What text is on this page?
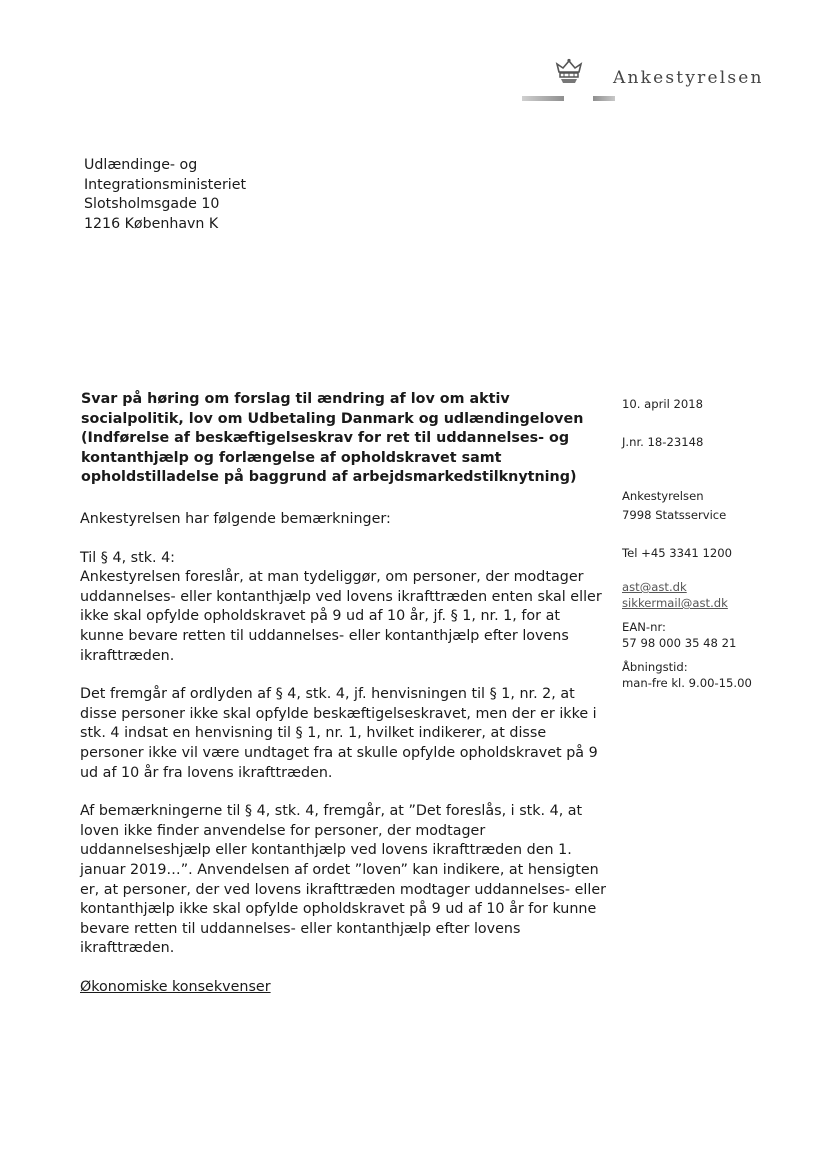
Ankestyrelsen
Udlændinge- og
Integrationsministeriet
Slotsholmsgade 10
1216 København K
Svar på høring om forslag til ændring af lov om aktiv
socialpolitik, lov om Udbetaling Danmark og udlændingeloven
(Indførelse af beskæftigelseskrav for ret til uddannelses- og
kontanthjælp og forlængelse af opholdskravet samt
opholdstilladelse på baggrund af arbejdsmarkedstilknytning)

Ankestyrelsen har følgende bemærkninger:

Til § 4, stk. 4:

Ankestyrelsen foreslår, at man tydeliggør, om personer, der modtager
uddannelses- eller kontanthjælp ved lovens ikrafttræden enten skal eller
ikke skal opfylde opholdskravet på 9 ud af 10 år, jf. § 1, nr. 1, for at
kunne bevare retten til uddannelses- eller kontanthjælp efter lovens
ikrafttræden.
Det fremgår af ordlyden af § 4, stk. 4, jf. henvisningen til § 1, nr. 2, at
disse personer ikke skal opfylde beskæftigelseskravet, men der er ikke i
stk. 4 indsat en henvisning til § 1, nr. 1, hvilket indikerer, at disse
personer ikke vil være undtaget fra at skulle opfylde opholdskravet på 9
ud af 10 år fra lovens ikrafttræden.
Af bemærkningerne til § 4, stk. 4, fremgår, at ”Det foreslås, i stk. 4, at
loven ikke finder anvendelse for personer, der modtager
uddannelseshjælp eller kontanthjælp ved lovens ikrafttræden den 1.
januar 2019…”. Anvendelsen af ordet ”loven” kan indikere, at hensigten
er, at personer, der ved lovens ikrafttræden modtager uddannelses- eller
kontanthjælp ikke skal opfylde opholdskravet på 9 ud af 10 år for kunne
bevare retten til uddannelses- eller kontanthjælp efter lovens
ikrafttræden.

Økonomiske konsekvenser

10. april 2018
J.nr. 18-23148
Ankestyrelsen
7998 Statsservice
Tel +45 3341 1200
ast@ast.dk
sikkermail@ast.dk
EAN-nr:
57 98 000 35 48 21
Åbningstid:
man-fre kl. 9.00-15.00
